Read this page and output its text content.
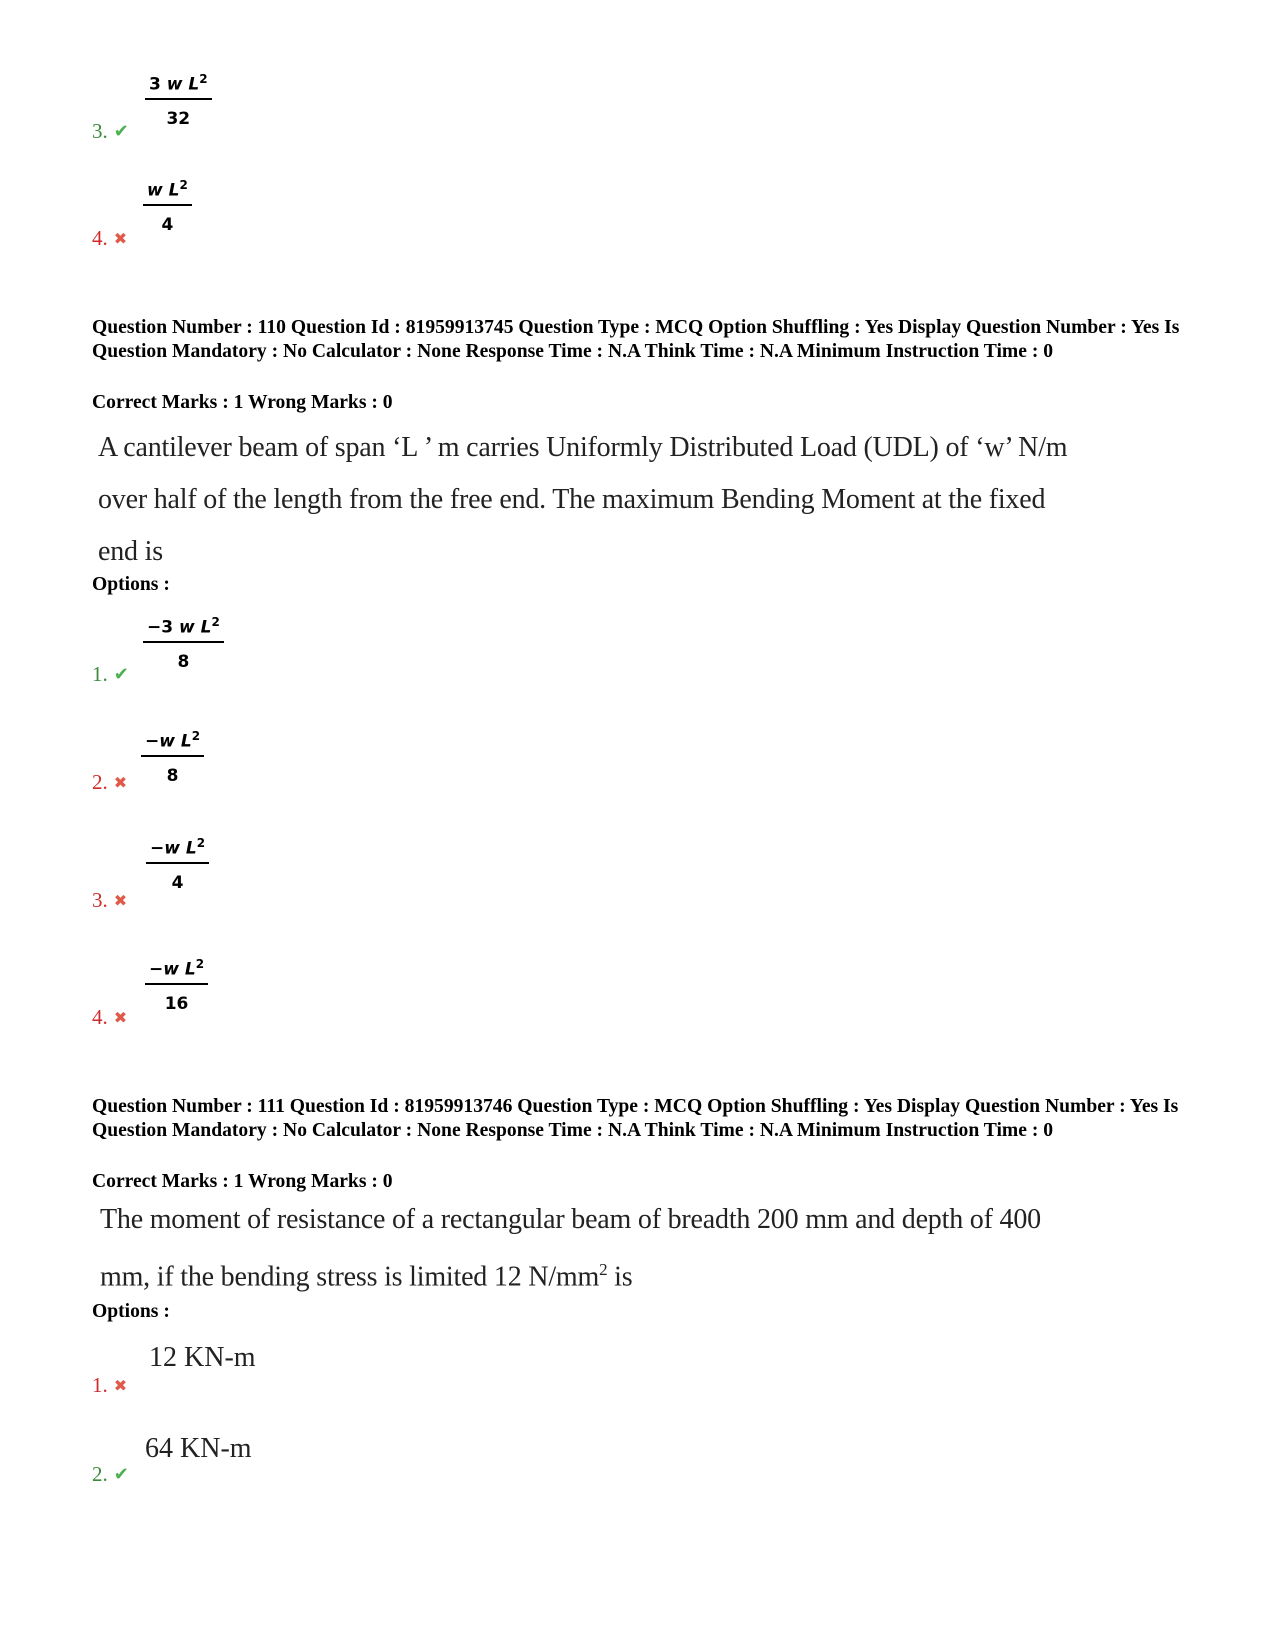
3 w $L^2$
32
3. ✔
w $L^2$
4
4. ✖
Question Number : 110 Question Id : 81959913745 Question Type : MCQ Option Shuffling : Yes Display Question Number : Yes Is Question Mandatory : No Calculator : None Response Time : N.A Think Time : N.A Minimum Instruction Time : 0
Correct Marks : 1 Wrong Marks : 0
A cantilever beam of span ‘L ’ m carries Uniformly Distributed Load (UDL) of ‘w’ N/m
over half of the length from the free end. The maximum Bending Moment at the fixed
end is
Options :
−3 w $L^2$
8
1. ✔
−w $L^2$
8
2. ✖
−w $L^2$
4
3. ✖
−w $L^2$
16
4. ✖
Question Number : 111 Question Id : 81959913746 Question Type : MCQ Option Shuffling : Yes Display Question Number : Yes Is Question Mandatory : No Calculator : None Response Time : N.A Think Time : N.A Minimum Instruction Time : 0
Correct Marks : 1 Wrong Marks : 0
The moment of resistance of a rectangular beam of breadth 200 mm and depth of 400
mm, if the bending stress is limited 12 $N/mm^2$ is
Options :
12 KN-m
1. ✖
64 KN-m
2. ✔
